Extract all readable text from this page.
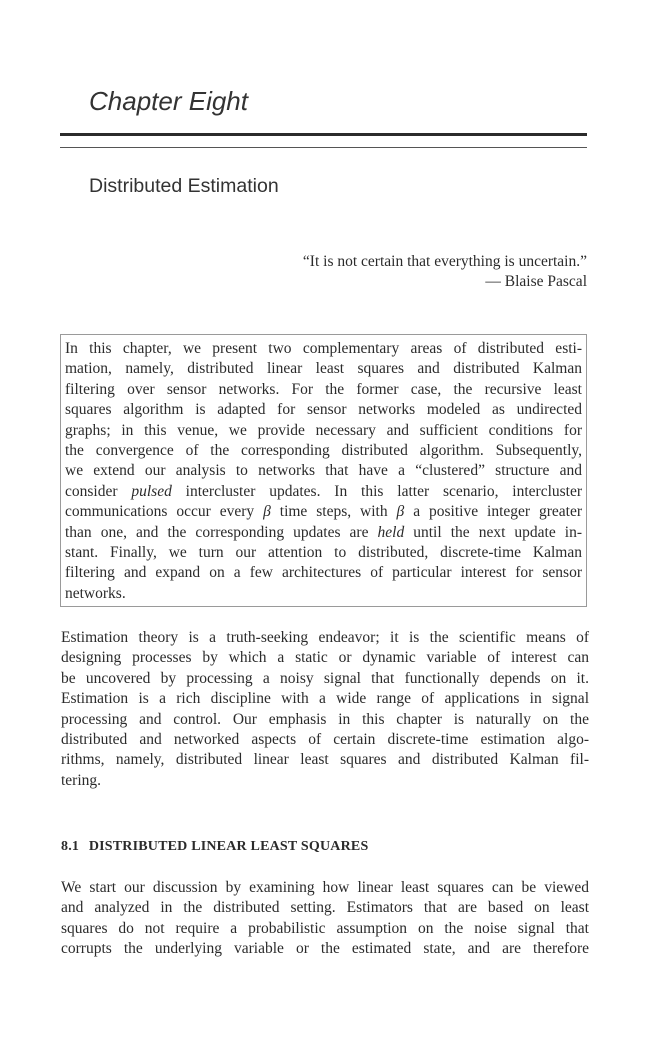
Chapter Eight
Distributed Estimation
“It is not certain that everything is uncertain.”
— Blaise Pascal
In this chapter, we present two complementary areas of distributed esti-
mation, namely, distributed linear least squares and distributed Kalman
filtering over sensor networks. For the former case, the recursive least
squares algorithm is adapted for sensor networks modeled as undirected
graphs; in this venue, we provide necessary and sufficient conditions for
the convergence of the corresponding distributed algorithm. Subsequently,
we extend our analysis to networks that have a “clustered” structure and
consider pulsed intercluster updates. In this latter scenario, intercluster
communications occur every β time steps, with β a positive integer greater
than one, and the corresponding updates are held until the next update in-
stant. Finally, we turn our attention to distributed, discrete-time Kalman
filtering and expand on a few architectures of particular interest for sensor
networks.
Estimation theory is a truth-seeking endeavor; it is the scientific means of
designing processes by which a static or dynamic variable of interest can
be uncovered by processing a noisy signal that functionally depends on it.
Estimation is a rich discipline with a wide range of applications in signal
processing and control. Our emphasis in this chapter is naturally on the
distributed and networked aspects of certain discrete-time estimation algo-
rithms, namely, distributed linear least squares and distributed Kalman fil-
tering.
8.1 DISTRIBUTED LINEAR LEAST SQUARES
We start our discussion by examining how linear least squares can be viewed
and analyzed in the distributed setting. Estimators that are based on least
squares do not require a probabilistic assumption on the noise signal that
corrupts the underlying variable or the estimated state, and are therefore
